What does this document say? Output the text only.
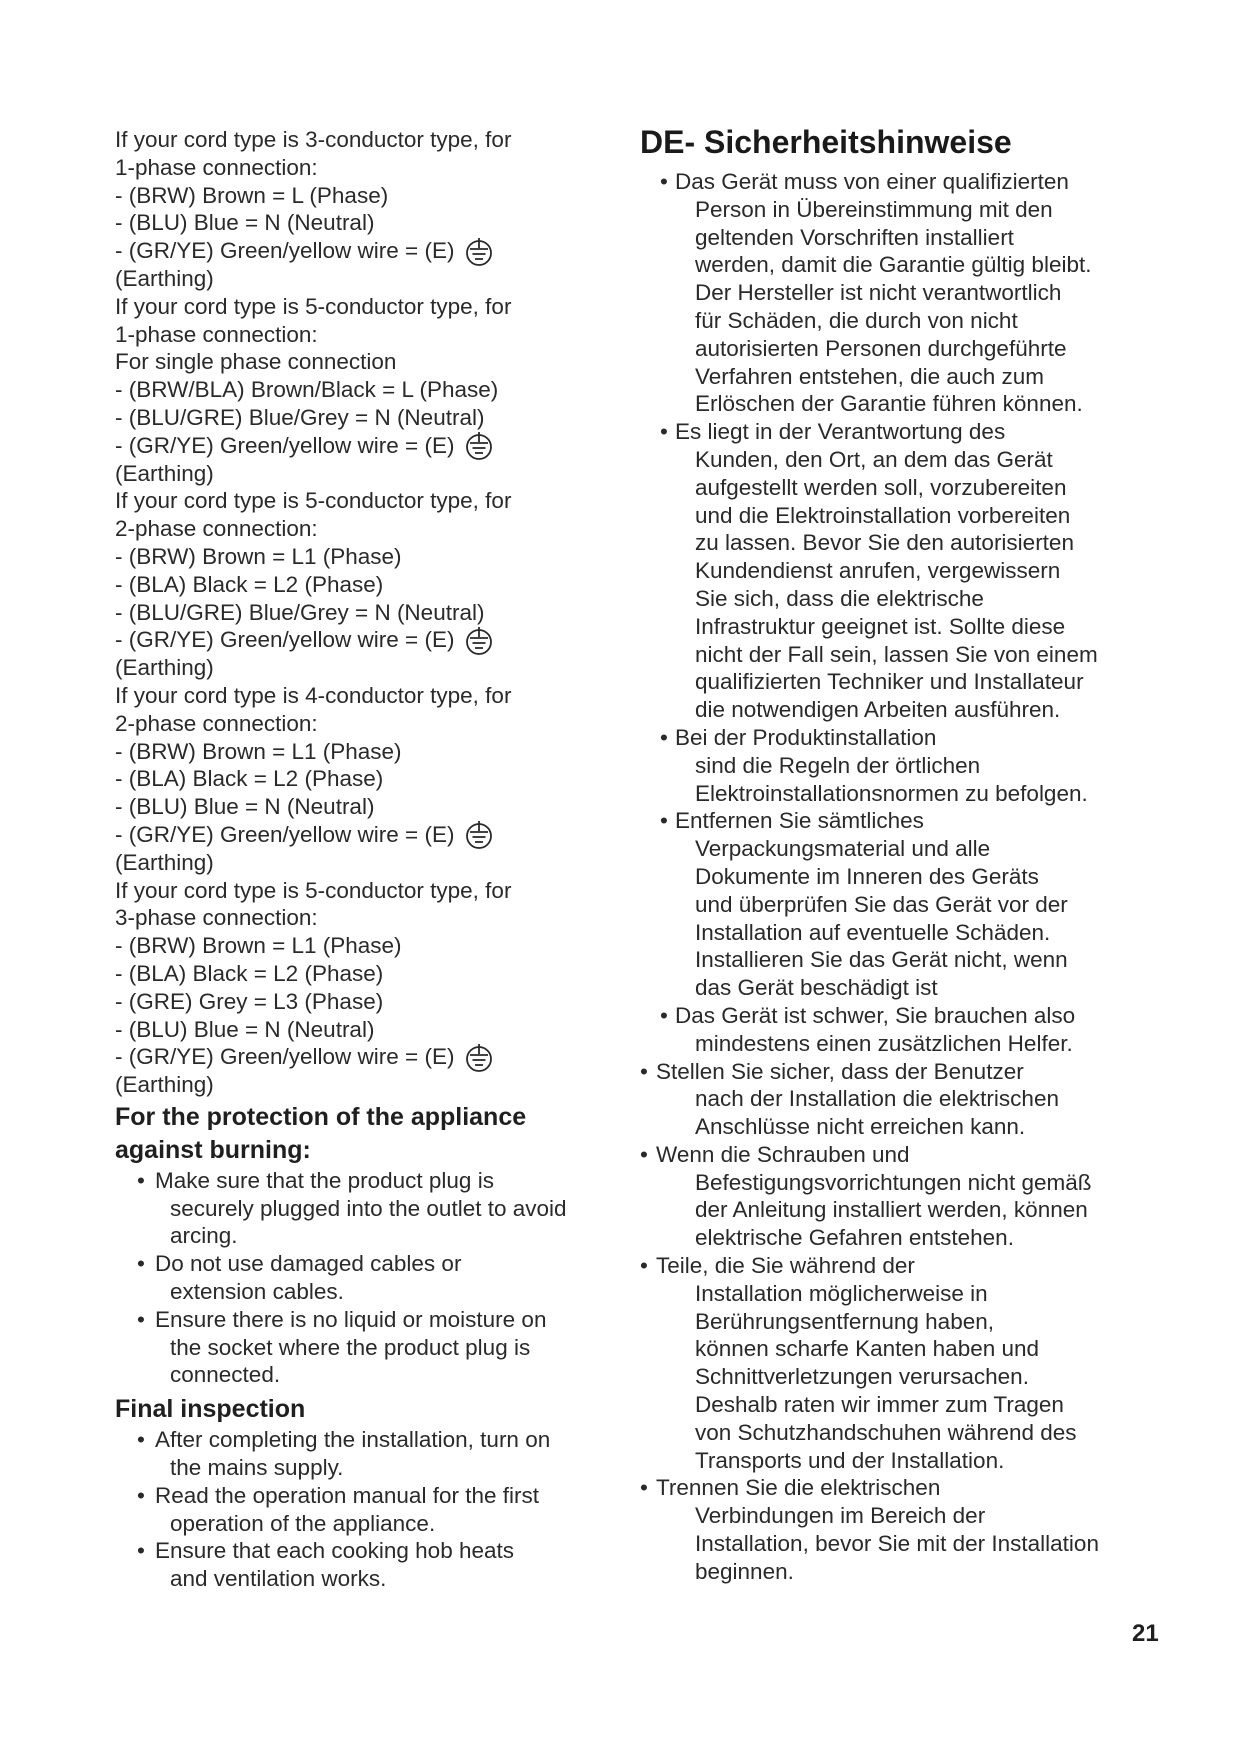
If your cord type is 3-conductor type, for
1-phase connection:
- (BRW) Brown = L (Phase)
- (BLU) Blue = N (Neutral)
- (GR/YE) Green/yellow wire = (E)
(Earthing)
If your cord type is 5-conductor type, for
1-phase connection:
For single phase connection
- (BRW/BLA) Brown/Black = L (Phase)
- (BLU/GRE) Blue/Grey = N (Neutral)
- (GR/YE) Green/yellow wire = (E)
(Earthing)
If your cord type is 5-conductor type, for
2-phase connection:
- (BRW) Brown = L1 (Phase)
- (BLA) Black = L2 (Phase)
- (BLU/GRE) Blue/Grey = N (Neutral)
- (GR/YE) Green/yellow wire = (E)
(Earthing)
If your cord type is 4-conductor type, for
2-phase connection:
- (BRW) Brown = L1 (Phase)
- (BLA) Black = L2 (Phase)
- (BLU) Blue = N (Neutral)
- (GR/YE) Green/yellow wire = (E)
(Earthing)
If your cord type is 5-conductor type, for
3-phase connection:
- (BRW) Brown = L1 (Phase)
- (BLA) Black = L2 (Phase)
- (GRE) Grey = L3 (Phase)
- (BLU) Blue = N (Neutral)
- (GR/YE) Green/yellow wire = (E)
(Earthing)
For the protection of the appliance
against burning:
• Make sure that the product plug is
securely plugged into the outlet to avoid
arcing.
• Do not use damaged cables or
extension cables.
• Ensure there is no liquid or moisture on
the socket where the product plug is
connected.
Final inspection
• After completing the installation, turn on
the mains supply.
• Read the operation manual for the first
operation of the appliance.
• Ensure that each cooking hob heats
and ventilation works.
DE- Sicherheitshinweise
• Das Gerät muss von einer qualifizierten
Person in Übereinstimmung mit den
geltenden Vorschriften installiert
werden, damit die Garantie gültig bleibt.
Der Hersteller ist nicht verantwortlich
für Schäden, die durch von nicht
autorisierten Personen durchgeführte
Verfahren entstehen, die auch zum
Erlöschen der Garantie führen können.
• Es liegt in der Verantwortung des
Kunden, den Ort, an dem das Gerät
aufgestellt werden soll, vorzubereiten
und die Elektroinstallation vorbereiten
zu lassen. Bevor Sie den autorisierten
Kundendienst anrufen, vergewissern
Sie sich, dass die elektrische
Infrastruktur geeignet ist. Sollte diese
nicht der Fall sein, lassen Sie von einem
qualifizierten Techniker und Installateur
die notwendigen Arbeiten ausführen.
• Bei der Produktinstallation
sind die Regeln der örtlichen
Elektroinstallationsnormen zu befolgen.
• Entfernen Sie sämtliches
Verpackungsmaterial und alle
Dokumente im Inneren des Geräts
und überprüfen Sie das Gerät vor der
Installation auf eventuelle Schäden.
Installieren Sie das Gerät nicht, wenn
das Gerät beschädigt ist
• Das Gerät ist schwer, Sie brauchen also
mindestens einen zusätzlichen Helfer.
• Stellen Sie sicher, dass der Benutzer
nach der Installation die elektrischen
Anschlüsse nicht erreichen kann.
• Wenn die Schrauben und
Befestigungsvorrichtungen nicht gemäß
der Anleitung installiert werden, können
elektrische Gefahren entstehen.
• Teile, die Sie während der
Installation möglicherweise in
Berührungsentfernung haben,
können scharfe Kanten haben und
Schnittverletzungen verursachen.
Deshalb raten wir immer zum Tragen
von Schutzhandschuhen während des
Transports und der Installation.
• Trennen Sie die elektrischen
Verbindungen im Bereich der
Installation, bevor Sie mit der Installation
beginnen.
21
